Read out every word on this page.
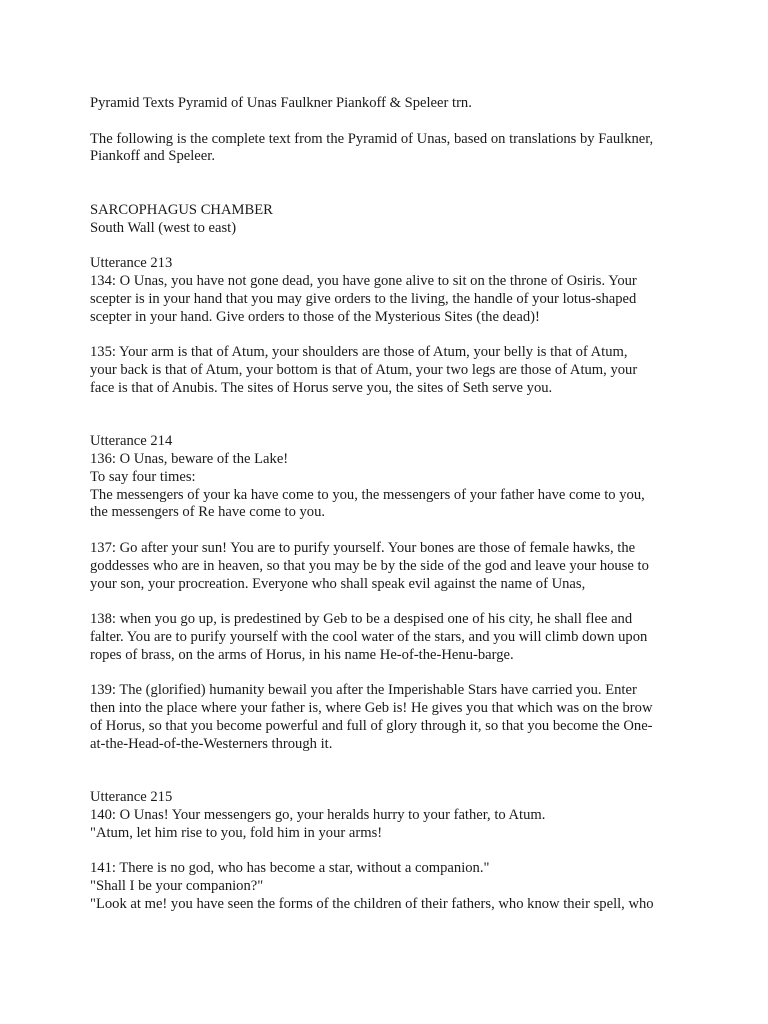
Pyramid Texts Pyramid of Unas Faulkner Piankoff & Speleer trn.
The following is the complete text from the Pyramid of Unas, based on translations by Faulkner,
Piankoff and Speleer.
SARCOPHAGUS CHAMBER
South Wall (west to east)
Utterance 213
134: O Unas, you have not gone dead, you have gone alive to sit on the throne of Osiris. Your
scepter is in your hand that you may give orders to the living, the handle of your lotus-shaped
scepter in your hand. Give orders to those of the Mysterious Sites (the dead)!
135: Your arm is that of Atum, your shoulders are those of Atum, your belly is that of Atum,
your back is that of Atum, your bottom is that of Atum, your two legs are those of Atum, your
face is that of Anubis. The sites of Horus serve you, the sites of Seth serve you.
Utterance 214
136: O Unas, beware of the Lake!
To say four times:
The messengers of your ka have come to you, the messengers of your father have come to you,
the messengers of Re have come to you.
137: Go after your sun! You are to purify yourself. Your bones are those of female hawks, the
goddesses who are in heaven, so that you may be by the side of the god and leave your house to
your son, your procreation. Everyone who shall speak evil against the name of Unas,
138: when you go up, is predestined by Geb to be a despised one of his city, he shall flee and
falter. You are to purify yourself with the cool water of the stars, and you will climb down upon
ropes of brass, on the arms of Horus, in his name He-of-the-Henu-barge.
139: The (glorified) humanity bewail you after the Imperishable Stars have carried you. Enter
then into the place where your father is, where Geb is! He gives you that which was on the brow
of Horus, so that you become powerful and full of glory through it, so that you become the One-
at-the-Head-of-the-Westerners through it.
Utterance 215
140: O Unas! Your messengers go, your heralds hurry to your father, to Atum.
"Atum, let him rise to you, fold him in your arms!
141: There is no god, who has become a star, without a companion."
"Shall I be your companion?"
"Look at me! you have seen the forms of the children of their fathers, who know their spell, who
